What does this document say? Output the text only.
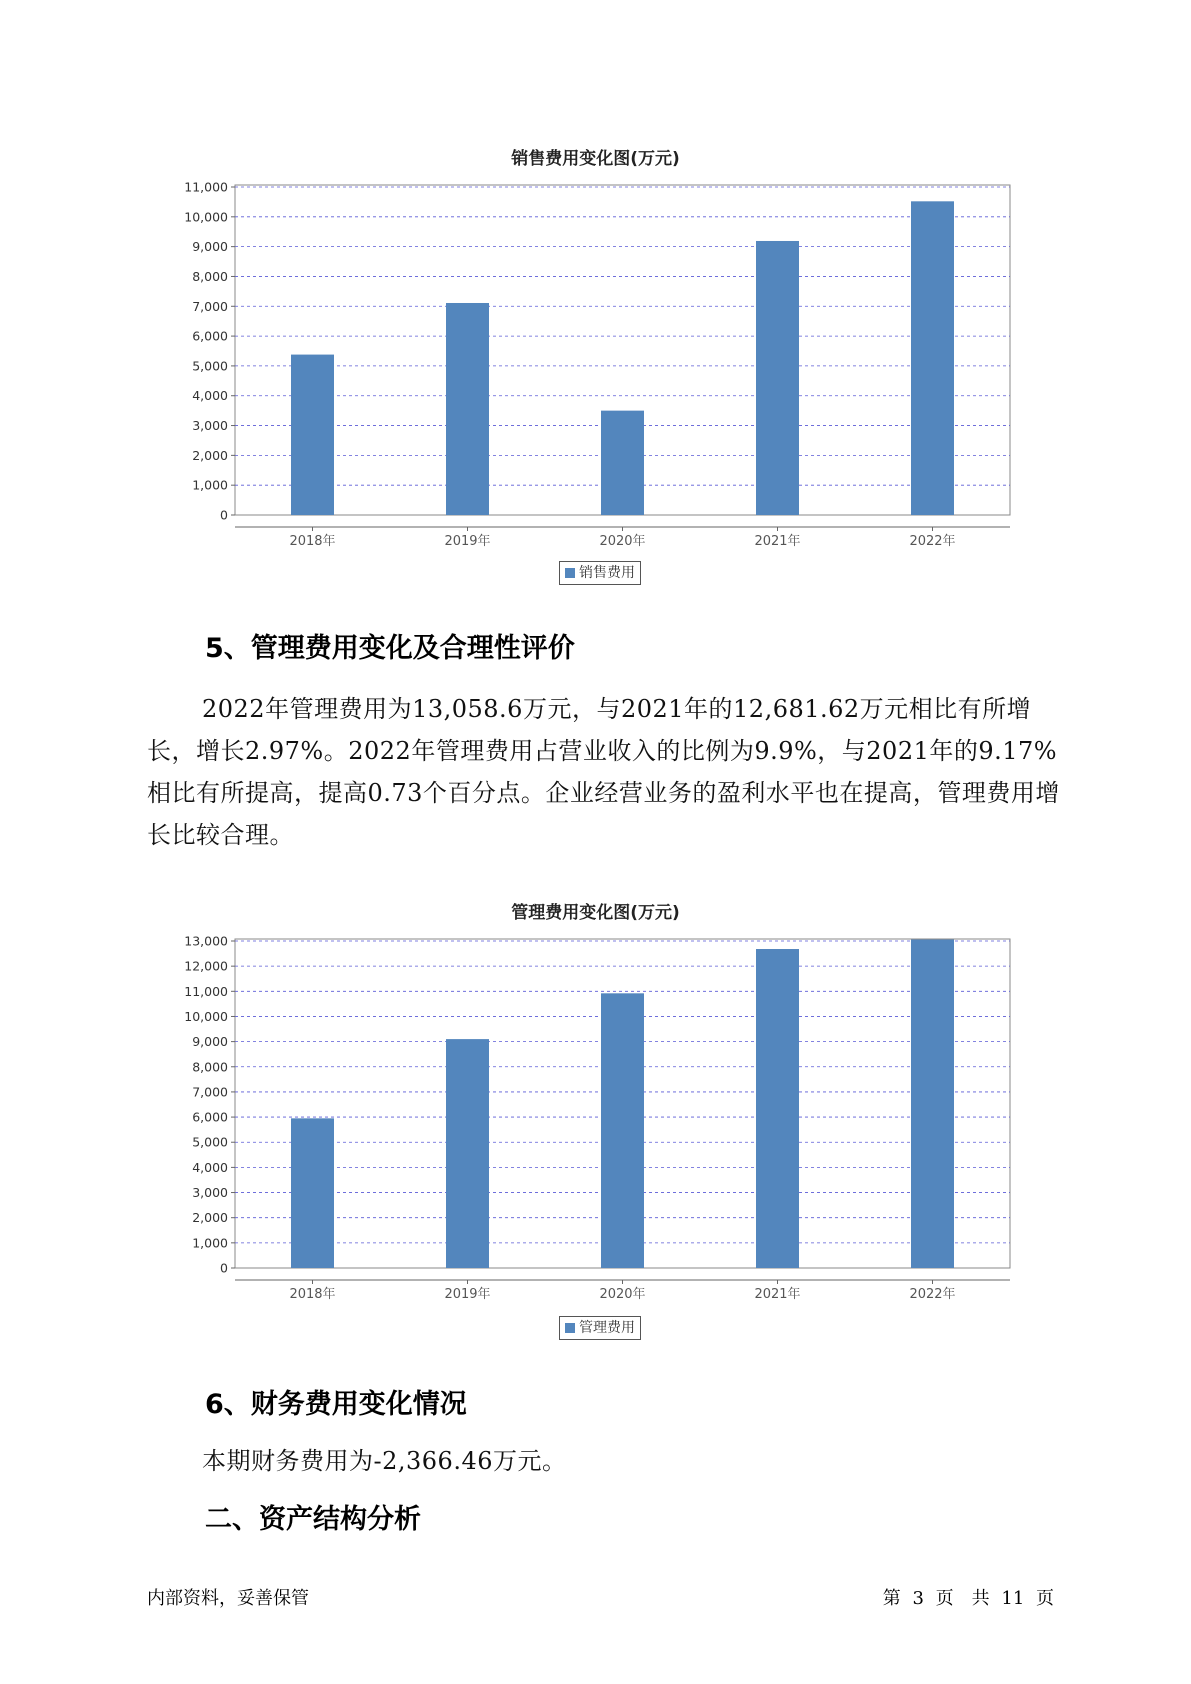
销售费用变化图(万元)
0
1,000
2,000
3,000
4,000
5,000
6,000
7,000
8,000
9,000
10,000
11,000
2018年	2019年	2020年	2021年	2022年
销售费用
5、管理费用变化及合理性评价

2022年管理费用为13,058.6万元，与2021年的12,681.62万元相比有所增长，增长2.97%。2022年管理费用占营业收入的比例为9.9%，与2021年的9.17%相比有所提高，提高0.73个百分点。企业经营业务的盈利水平也在提高，管理费用增长比较合理。

管理费用变化图(万元)
0
1,000
2,000
3,000
4,000
5,000
6,000
7,000
8,000
9,000
10,000
11,000
12,000
13,000
2018年	2019年	2020年	2021年	2022年
管理费用
6、财务费用变化情况

本期财务费用为-2,366.46万元。

二、资产结构分析
内部资料，妥善保管	第 3 页　共 11 页
